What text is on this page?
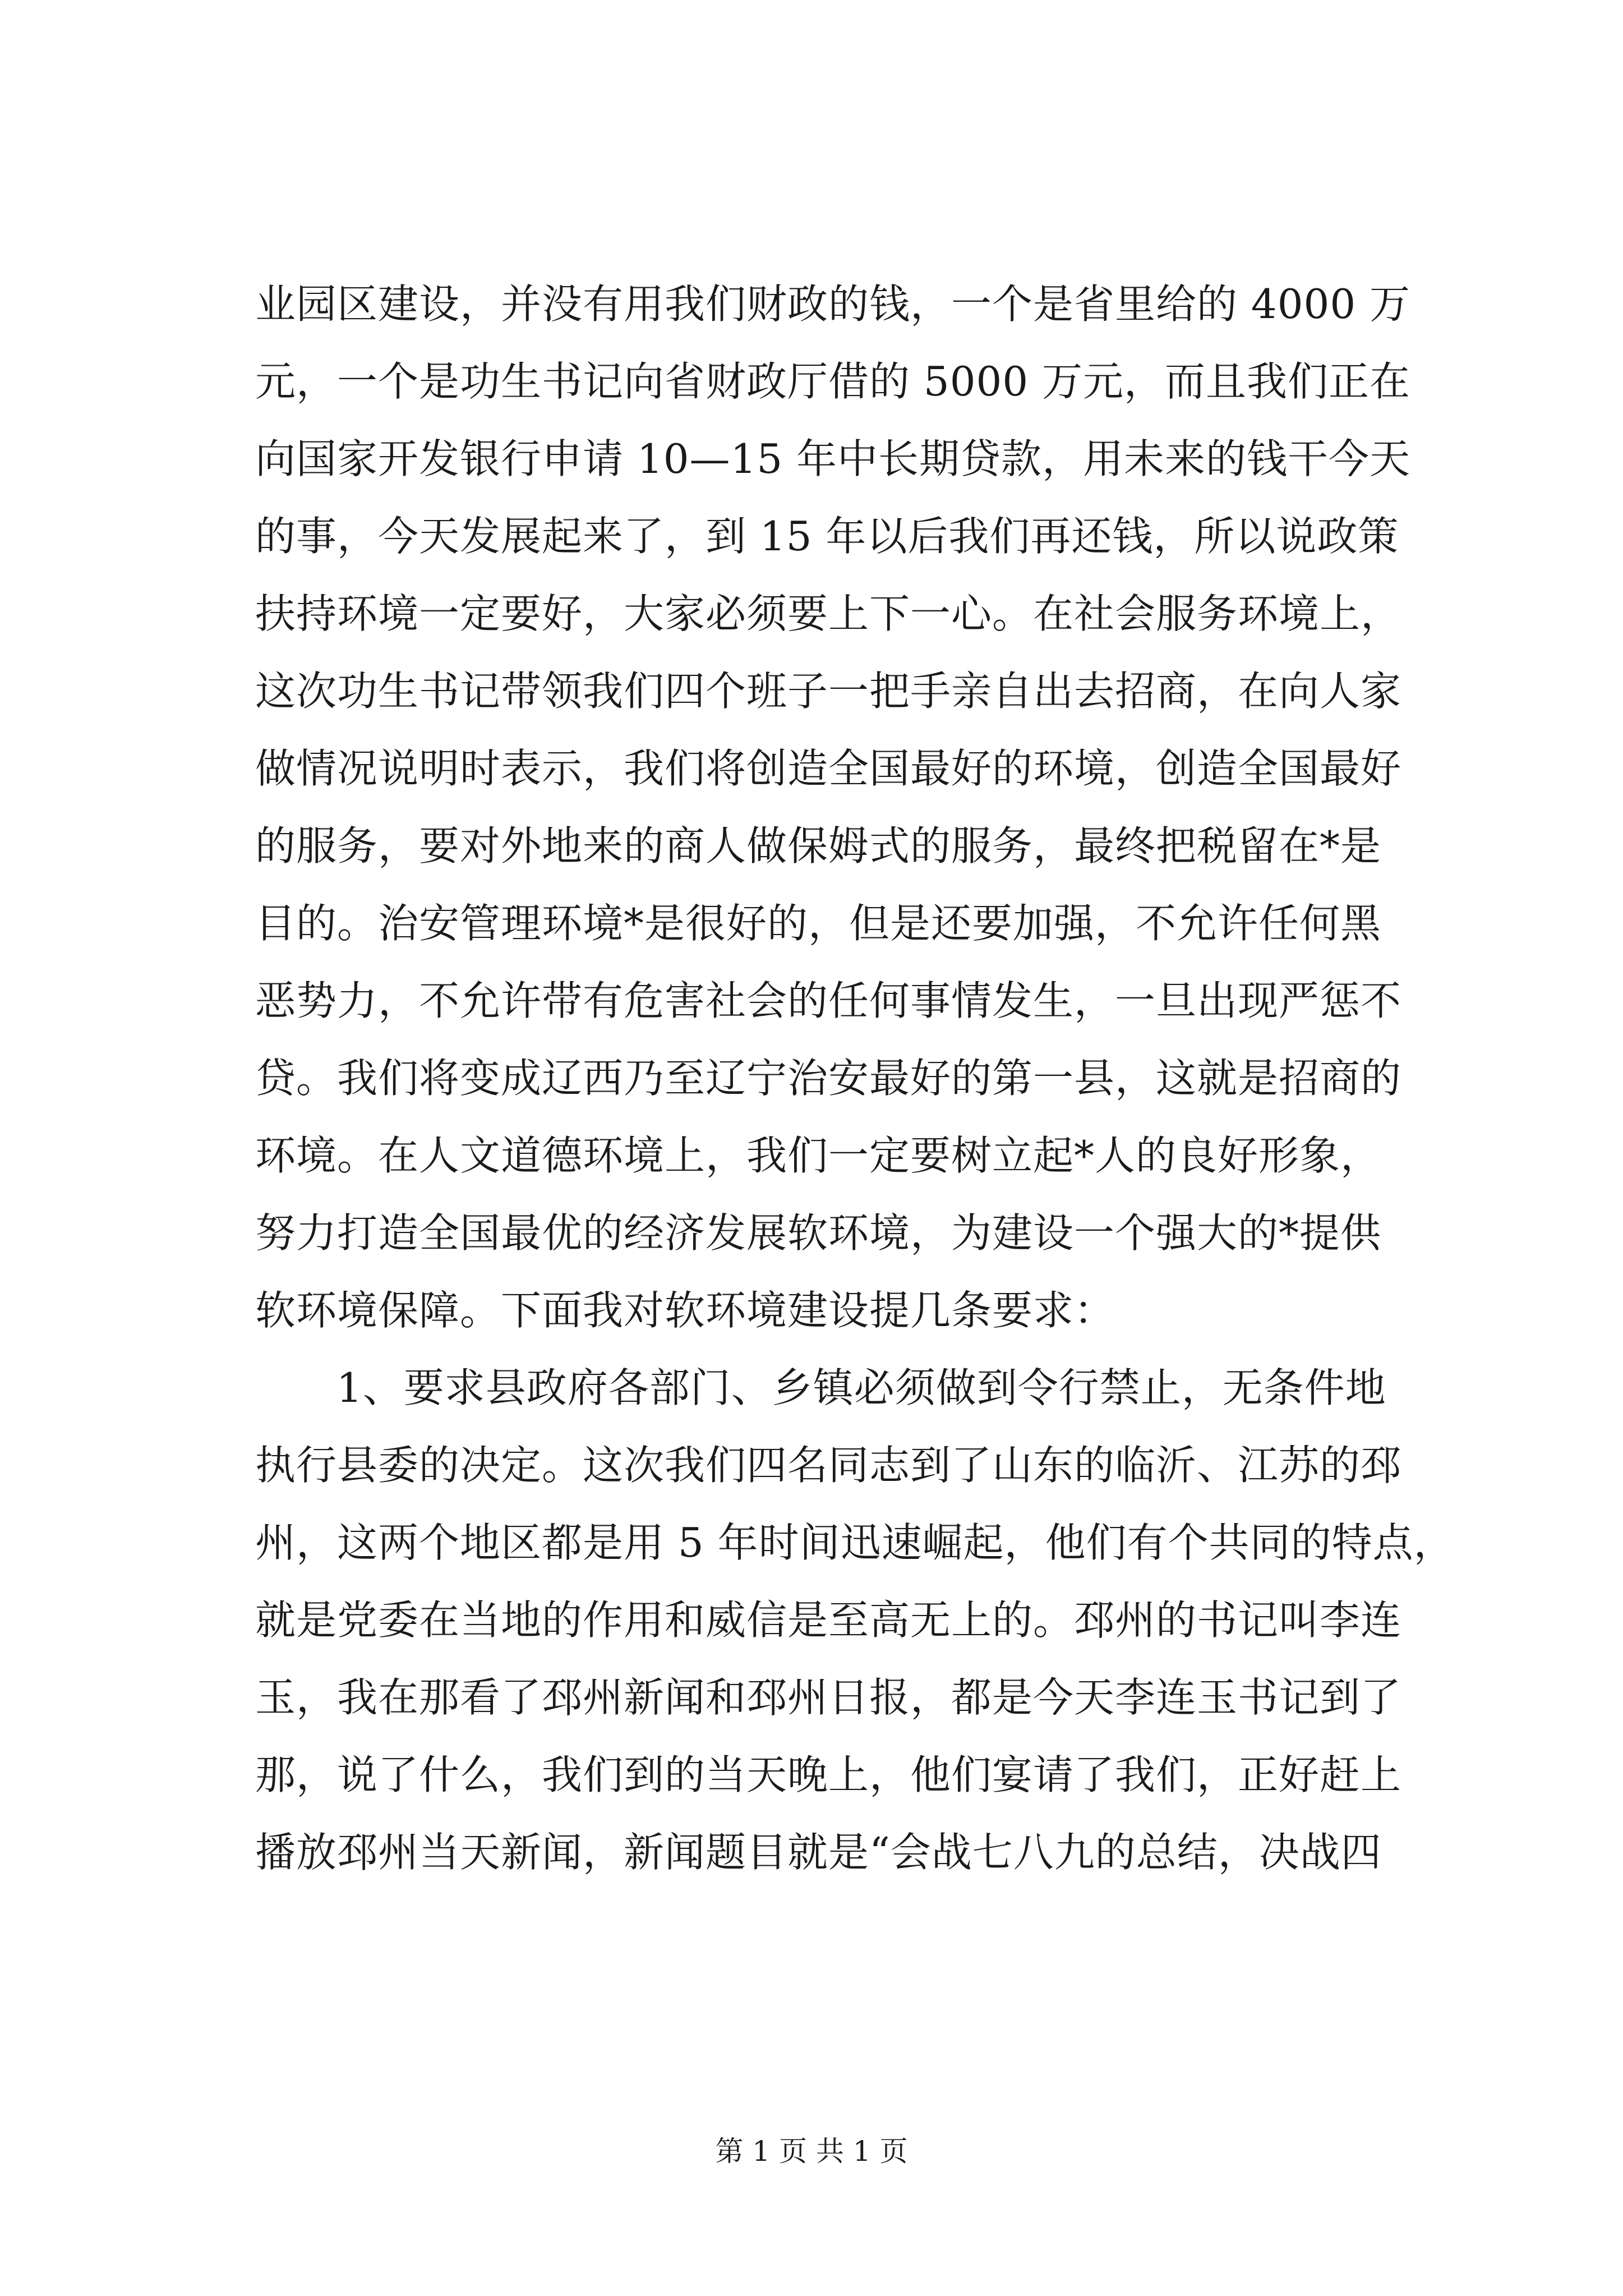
业园区建设，并没有用我们财政的钱，一个是省里给的 4000 万
元，一个是功生书记向省财政厅借的 5000 万元，而且我们正在
向国家开发银行申请 10—15 年中长期贷款，用未来的钱干今天
的事，今天发展起来了，到 15 年以后我们再还钱，所以说政策
扶持环境一定要好，大家必须要上下一心。在社会服务环境上，
这次功生书记带领我们四个班子一把手亲自出去招商，在向人家
做情况说明时表示，我们将创造全国最好的环境，创造全国最好
的服务，要对外地来的商人做保姆式的服务，最终把税留在*是
目的。治安管理环境*是很好的，但是还要加强，不允许任何黑
恶势力，不允许带有危害社会的任何事情发生，一旦出现严惩不
贷。我们将变成辽西乃至辽宁治安最好的第一县，这就是招商的
环境。在人文道德环境上，我们一定要树立起*人的良好形象，
努力打造全国最优的经济发展软环境，为建设一个强大的*提供
软环境保障。下面我对软环境建设提几条要求：
1、要求县政府各部门、乡镇必须做到令行禁止，无条件地
执行县委的决定。这次我们四名同志到了山东的临沂、江苏的邳
州，这两个地区都是用 5 年时间迅速崛起，他们有个共同的特点，
就是党委在当地的作用和威信是至高无上的。邳州的书记叫李连
玉，我在那看了邳州新闻和邳州日报，都是今天李连玉书记到了
那，说了什么，我们到的当天晚上，他们宴请了我们，正好赶上
播放邳州当天新闻，新闻题目就是“会战七八九的总结，决战四
第 1 页 共 1 页
